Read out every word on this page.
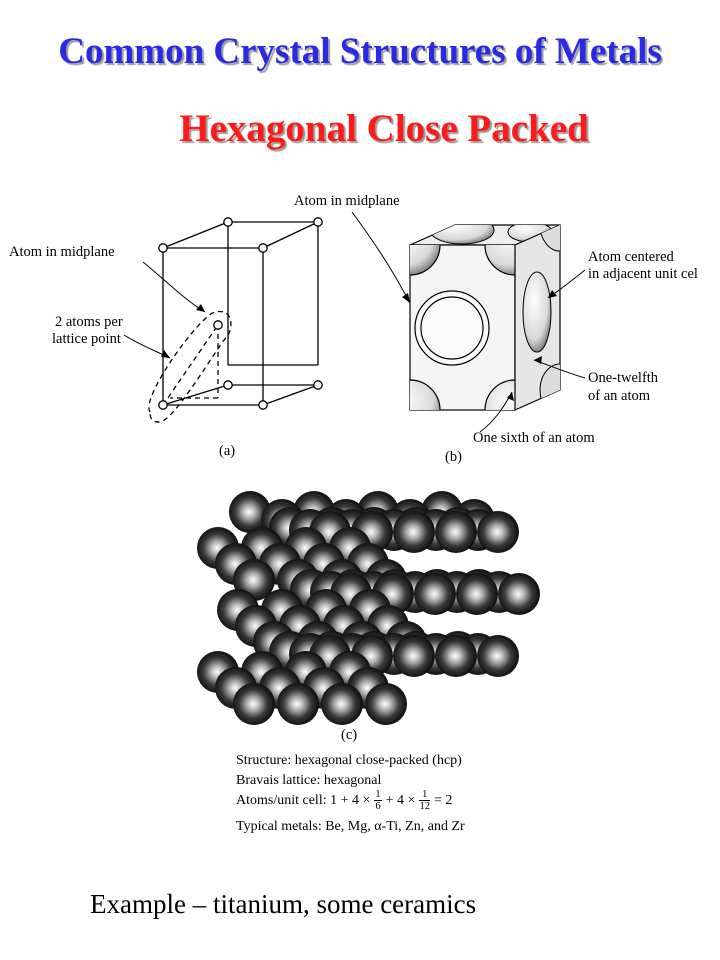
Common Crystal Structures of Metals
Hexagonal Close Packed
Atom in midplane
2 atoms per
lattice point
(a)
Atom in midplane
Atom centered
in adjacent unit cel
One-twelfth
of an atom
One sixth of an atom
(b)
(c)
Structure: hexagonal close-packed (hcp)
Bravais lattice: hexagonal
Atoms/unit cell: $1 + 4 \times \frac{1}{6} + 4 \times \frac{1}{12} = 2$
Typical metals: Be, Mg, α-Ti, Zn, and Zr
Example – titanium, some ceramics
